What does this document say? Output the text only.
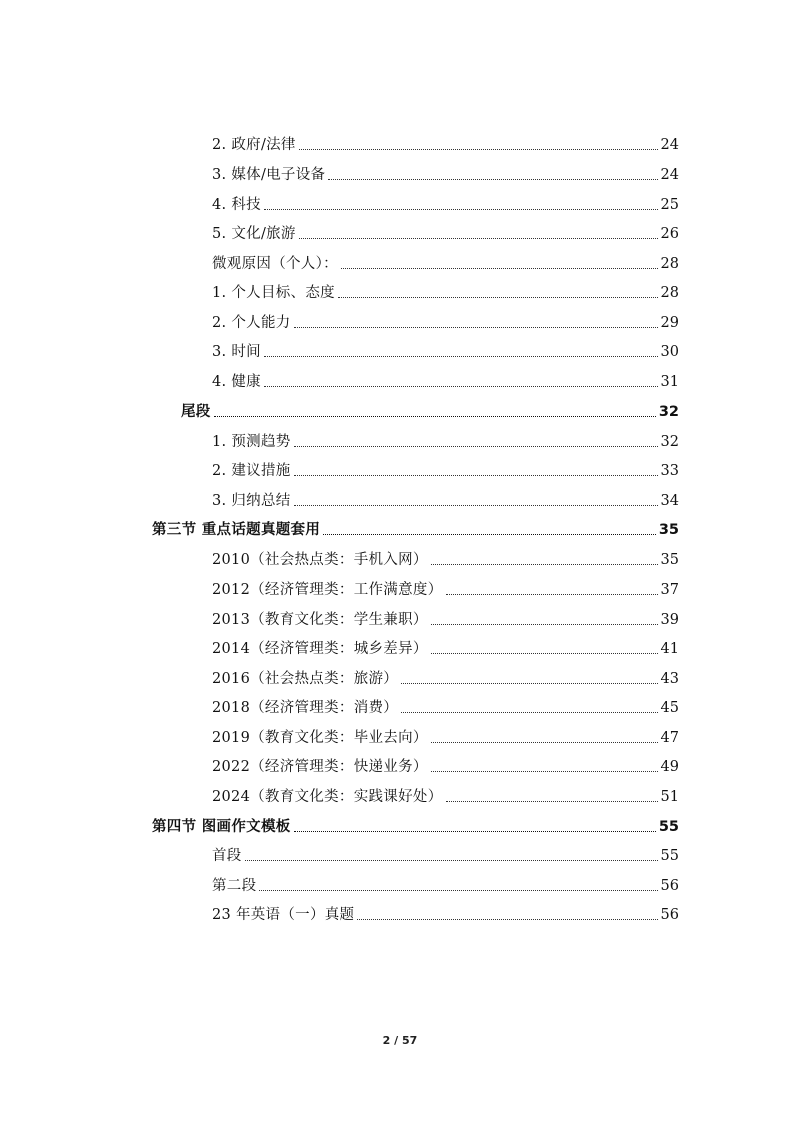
2. 政府/法律	24
3. 媒体/电子设备	24
4. 科技	25
5. 文化/旅游	26
微观原因（个人）：	28
1. 个人目标、态度	28
2. 个人能力	29
3. 时间	30
4. 健康	31
尾段	32
1. 预测趋势	32
2. 建议措施	33
3. 归纳总结	34
第三节 重点话题真题套用	35
2010（社会热点类：手机入网）	35
2012（经济管理类：工作满意度）	37
2013（教育文化类：学生兼职）	39
2014（经济管理类：城乡差异）	41
2016（社会热点类：旅游）	43
2018（经济管理类：消费）	45
2019（教育文化类：毕业去向）	47
2022（经济管理类：快递业务）	49
2024（教育文化类：实践课好处）	51
第四节 图画作文模板	55
首段	55
第二段	56
23 年英语（一）真题	56
2 / 57
